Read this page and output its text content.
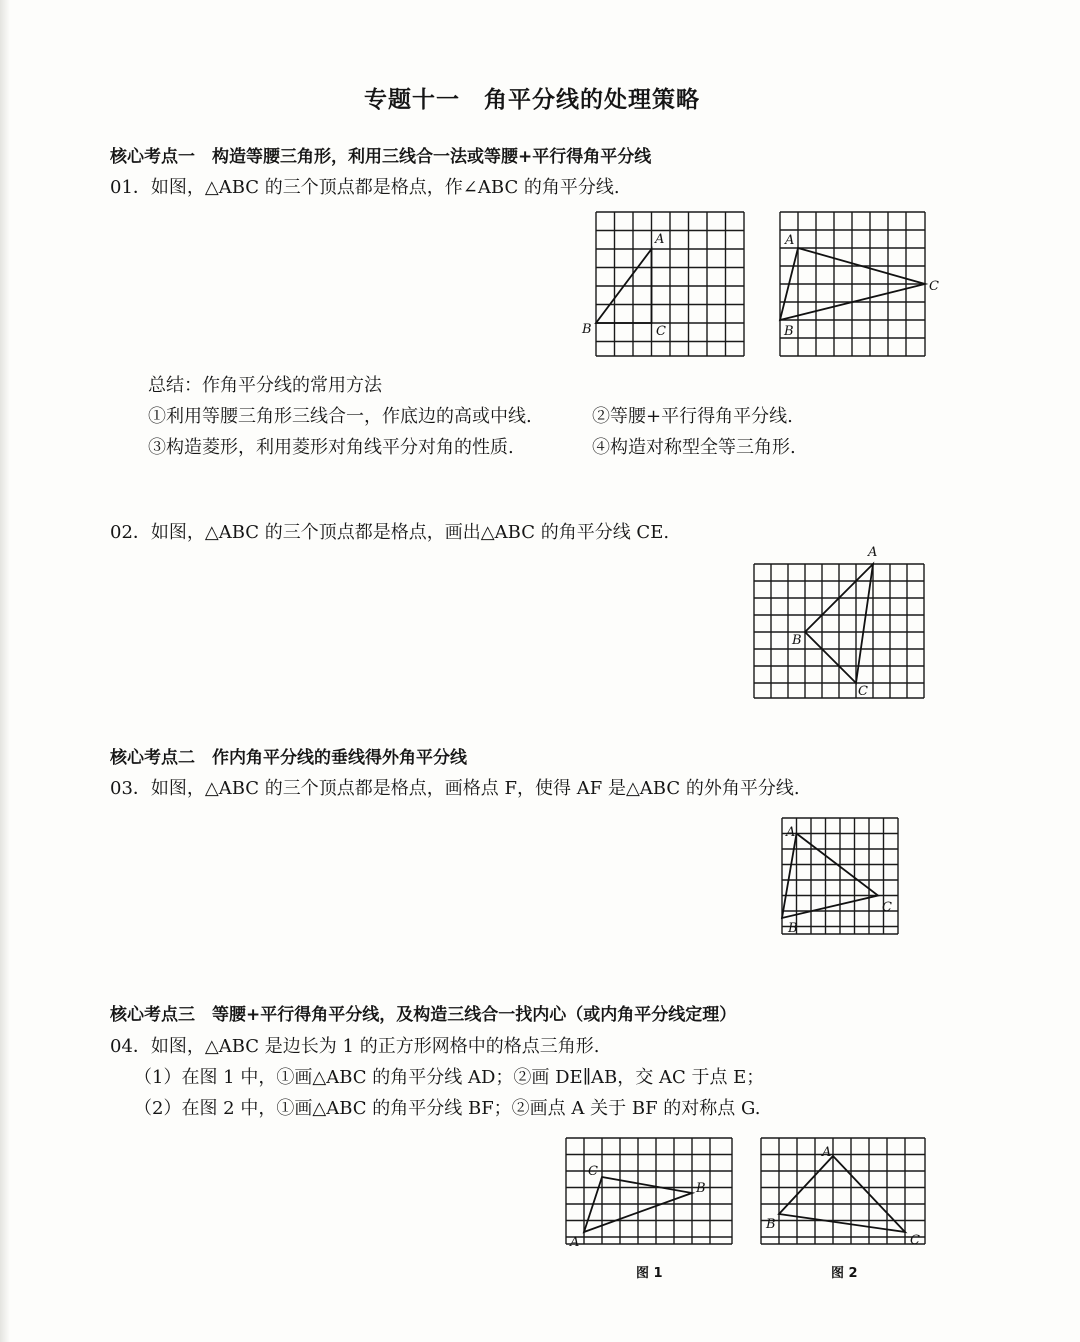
专题十一　角平分线的处理策略
核心考点一　构造等腰三角形，利用三线合一法或等腰+平行得角平分线
01．如图，△ABC 的三个顶点都是格点，作∠ABC 的角平分线.
A
B	C
A
B
C
总结：作角平分线的常用方法
①利用等腰三角形三线合一，作底边的高或中线.	②等腰+平行得角平分线.
③构造菱形，利用菱形对角线平分对角的性质.	④构造对称型全等三角形.
02．如图，△ABC 的三个顶点都是格点，画出△ABC 的角平分线 CE.
A
B
C
核心考点二　作内角平分线的垂线得外角平分线
03．如图，△ABC 的三个顶点都是格点，画格点 F，使得 AF 是△ABC 的外角平分线.
A
B
C
核心考点三　等腰+平行得角平分线，及构造三线合一找内心（或内角平分线定理）
04．如图，△ABC 是边长为 1 的正方形网格中的格点三角形.
（1）在图 1 中，①画△ABC 的角平分线 AD；②画 DE∥AB，交 AC 于点 E；
（2）在图 2 中，①画△ABC 的角平分线 BF；②画点 A 关于 BF 的对称点 G.
C
B
A
图 1
A
B
C
图 2
